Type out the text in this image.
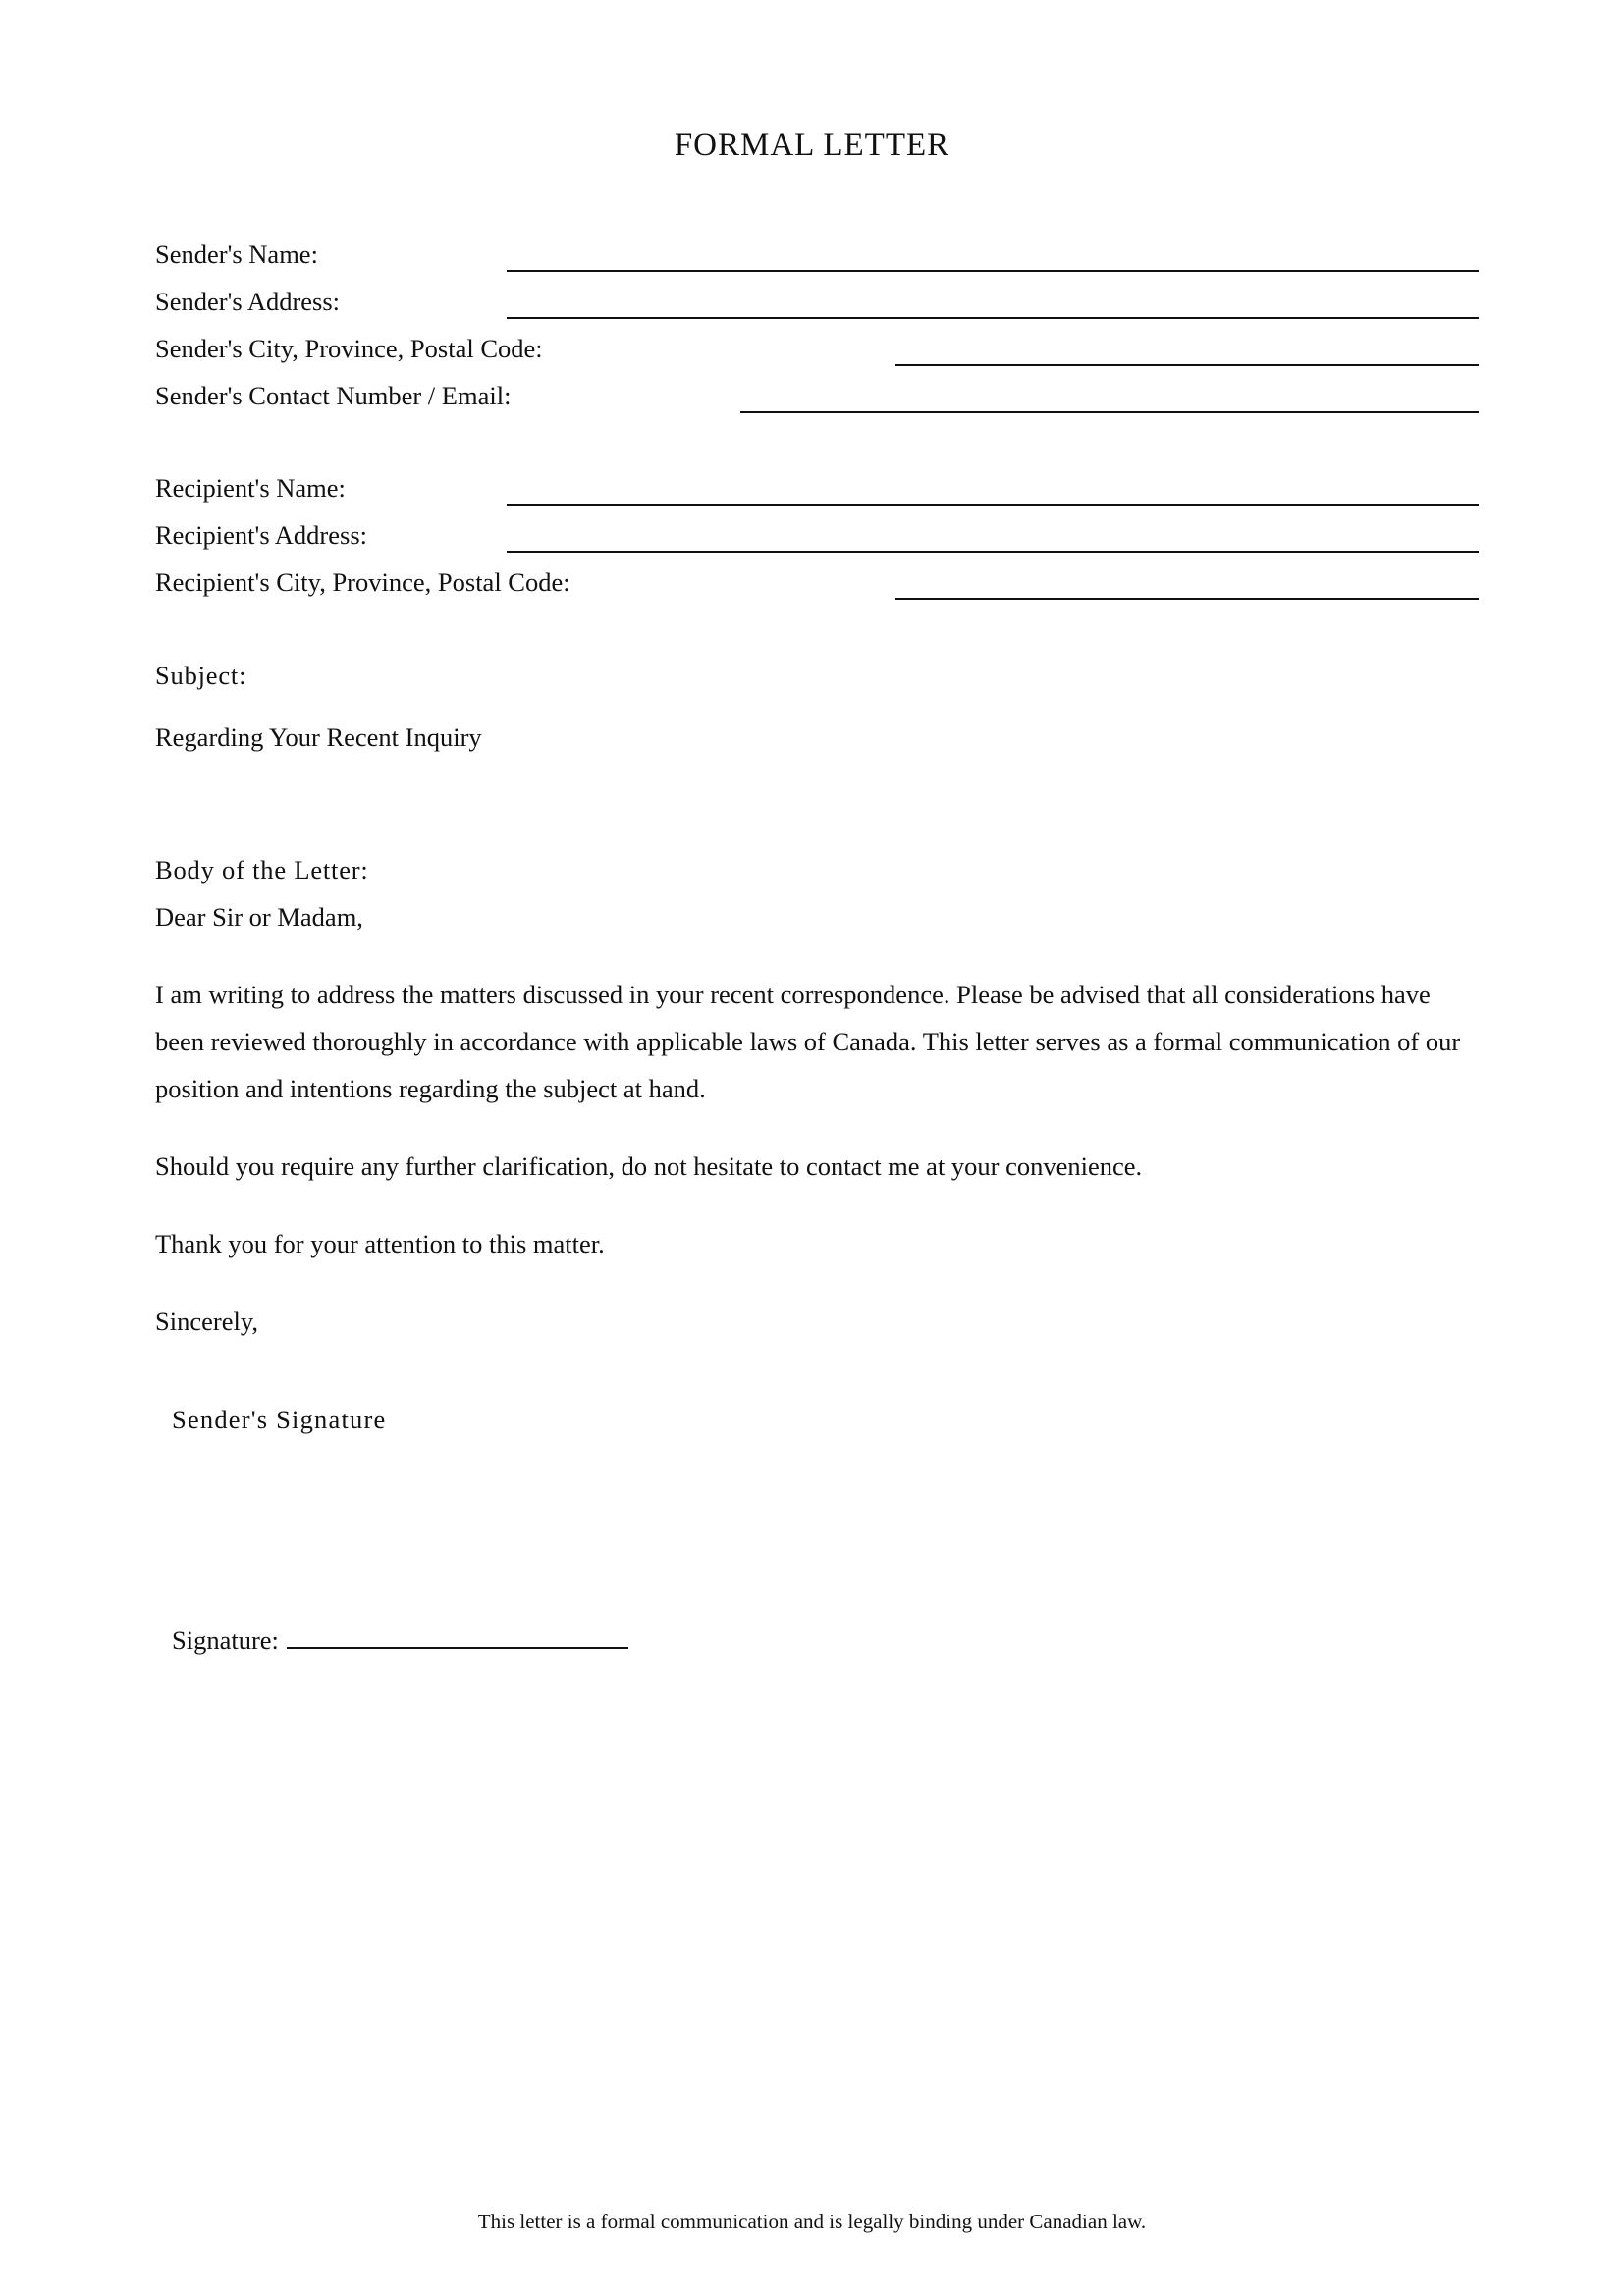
FORMAL LETTER
Sender's Name:
Sender's Address:
Sender's City, Province, Postal Code:
Sender's Contact Number / Email:
Recipient's Name:
Recipient's Address:
Recipient's City, Province, Postal Code:
Subject:
Regarding Your Recent Inquiry
Body of the Letter:
Dear Sir or Madam,
I am writing to address the matters discussed in your recent correspondence. Please be advised that all considerations have been reviewed thoroughly in accordance with applicable laws of Canada. This letter serves as a formal communication of our position and intentions regarding the subject at hand.
Should you require any further clarification, do not hesitate to contact me at your convenience.
Thank you for your attention to this matter.
Sincerely,
Sender's Signature
Signature:
This letter is a formal communication and is legally binding under Canadian law.
